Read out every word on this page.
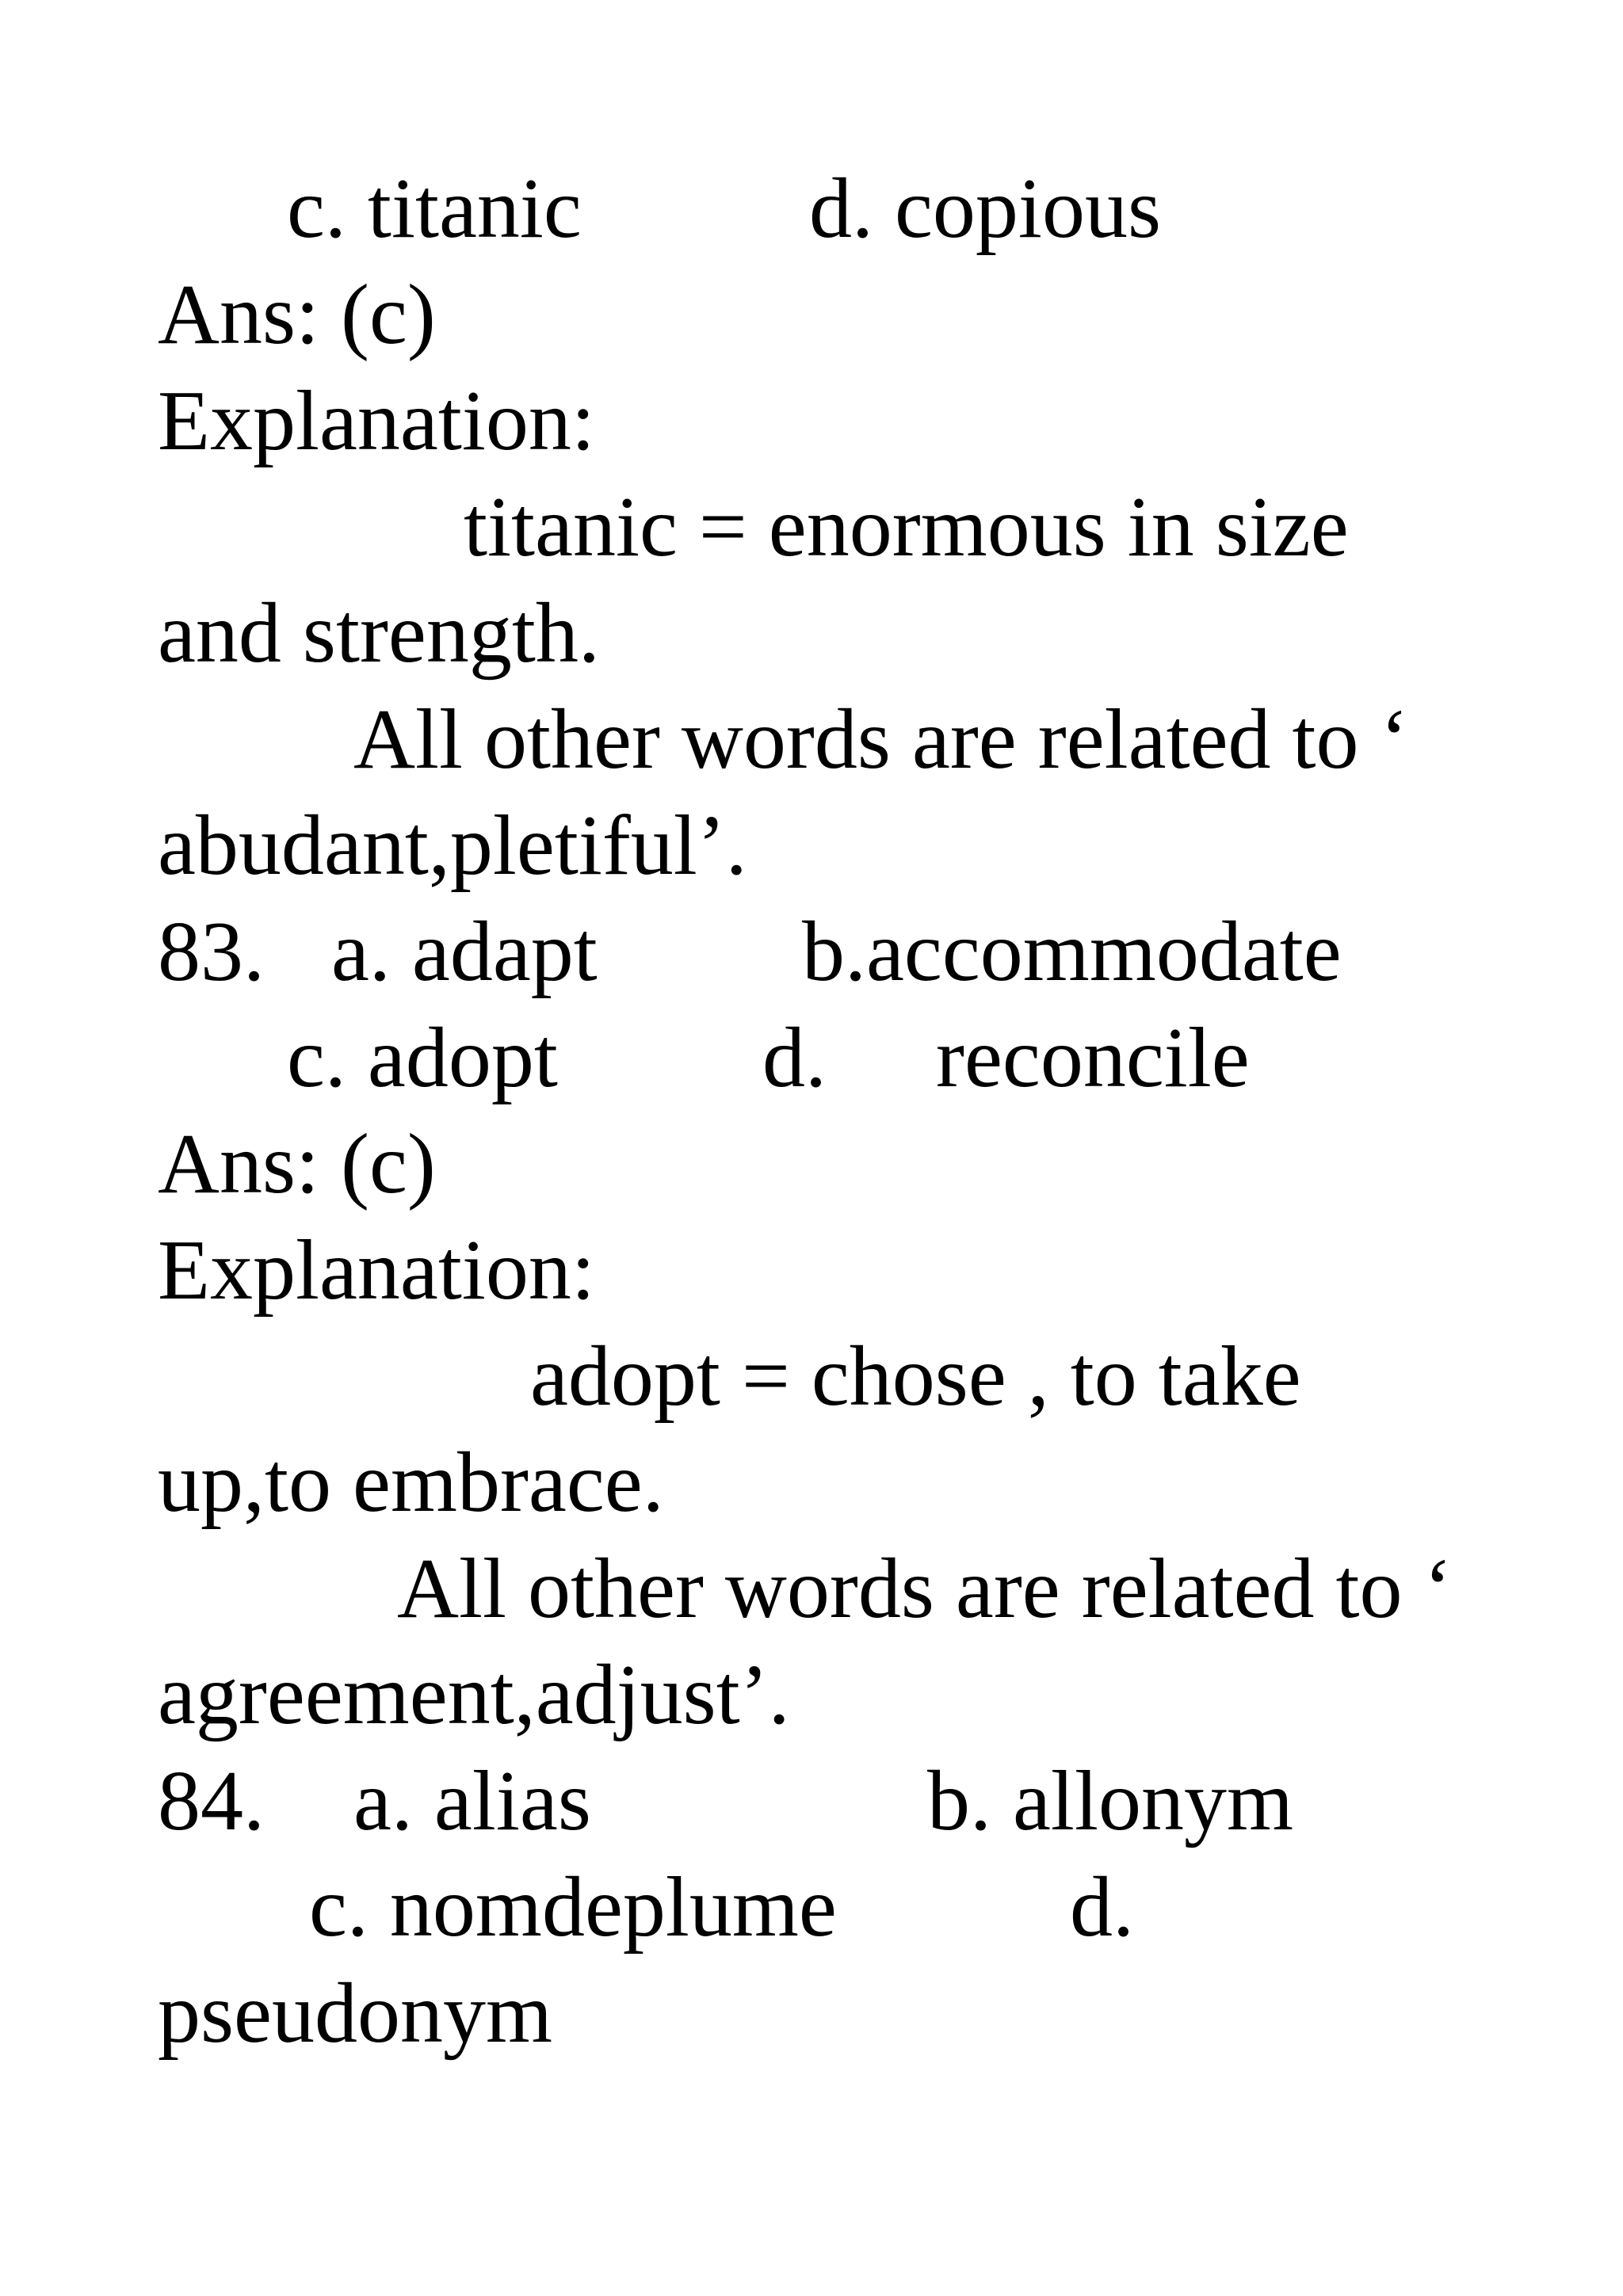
c. titanic	d. copious
Ans: (c)
Explanation:
titanic = enormous in size
and strength.
All other words are related to ‘
abudant,pletiful’.
83. a. adapt b.accommodate
c. adopt d. reconcile
Ans: (c)
Explanation:
adopt = chose , to take
up,to embrace.
All other words are related to ‘
agreement,adjust’.
84. a. alias	b. allonym
c. nomdeplume	d.
pseudonym
